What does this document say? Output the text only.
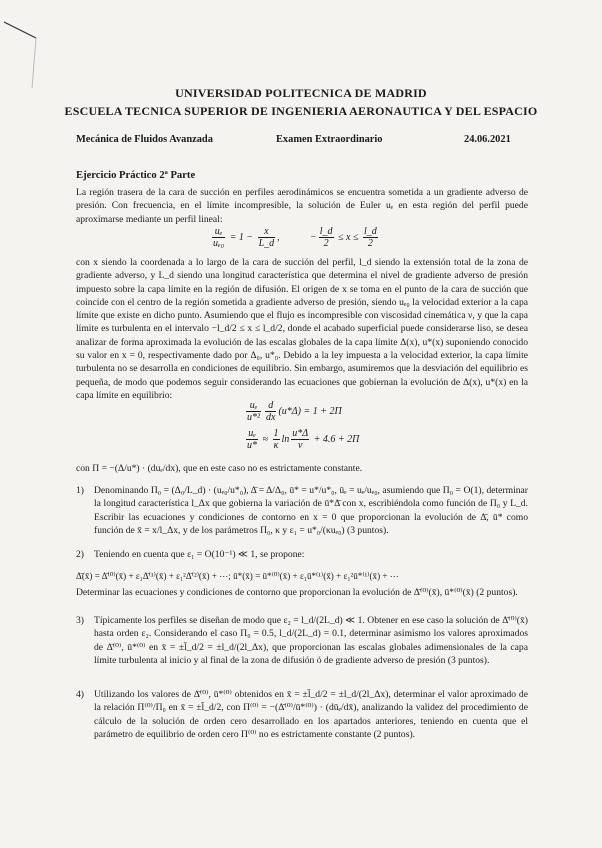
UNIVERSIDAD POLITECNICA DE MADRID
ESCUELA TECNICA SUPERIOR DE INGENIERIA AERONAUTICA Y DEL ESPACIO
Mecánica de Fluidos Avanzada	Examen Extraordinario	24.06.2021
Ejercicio Práctico 2ª Parte
La región trasera de la cara de succión en perfiles aerodinámicos se encuentra sometida a un gradiente adverso de presión. Con frecuencia, en el límite incompresible, la solución de Euler uₑ en esta región del perfil puede aproximarse mediante un perfil lineal:
$\frac{\text{uₑ}}{\text{uₑ₀}} = 1 - \frac{x}{L\_d}$ ,	− $\frac{l\_d}{2} \le x \le \frac{l\_d}{2}$
con x siendo la coordenada a lo largo de la cara de succión del perfil, l_d siendo la extensión total de la zona de gradiente adverso, y L_d siendo una longitud característica que determina el nivel de gradiente adverso de presión impuesto sobre la capa límite en la región de difusión. El origen de x se toma en el punto de la cara de succión que coincide con el centro de la región sometida a gradiente adverso de presión, siendo uₑ₀ la velocidad exterior a la capa límite que existe en dicho punto. Asumiendo que el flujo es incompresible con viscosidad cinemática ν, y que la capa límite es turbulenta en el intervalo −l_d/2 ≤ x ≤ l_d/2, donde el acabado superficial puede considerarse liso, se desea analizar de forma aproximada la evolución de las escalas globales de la capa límite Δ(x), u*(x) suponiendo conocido su valor en x = 0, respectivamente dado por Δ₀, u*₀. Debido a la ley impuesta a la velocidad exterior, la capa límite turbulenta no se desarrolla en condiciones de equilibrio. Sin embargo, asumiremos que la desviación del equilibrio es pequeña, de modo que podemos seguir considerando las ecuaciones que gobiernan la evolución de Δ(x), u*(x) en la capa límite en equilibrio:
$\frac{\text{uₑ}}{\text{u*²}} \frac{d}{dx} (u*\Delta) = 1 + 2\Pi$
$\frac{\text{uₑ}}{u*} \approx \frac{1}{\kappa}$ $\ln \frac{u*\Delta}{\nu} + 4.6 + 2\Pi$
con Π = −(Δ/u*) · (duₑ/dx), que en este caso no es estrictamente constante.
1) Denominando Π₀ = (Δ₀/L_d) · (uₑ₀/u*₀), Δ̄ = Δ/Δ₀, ū* = u*/u*₀, ūₑ = uₑ/uₑ₀, asumiendo que Π₀ = O(1), determinar la longitud característica l_Δx que gobierna la variación de ū*Δ̄ con x, escribiéndola como función de Π₀ y L_d. Escribir las ecuaciones y condiciones de contorno en x = 0 que proporcionan la evolución de Δ̄, ū* como función de x̄ = x/l_Δx, y de los parámetros Π₀, κ y ε₁ = u*₀/(κuₑ₀) (3 puntos).
2) Teniendo en cuenta que ε₁ = O(10⁻¹) ≪ 1, se propone:
Δ̄(x̄) = Δ̄⁽⁰⁾(x̄) + ε₁Δ̄⁽¹⁾(x̄) + ε₁²Δ̄⁽²⁾(x̄) + ⋯; ū*(x̄) = ū*⁽⁰⁾(x̄) + ε₁ū*⁽¹⁾(x̄) + ε₁²ū*⁽¹⁾(x̄) + ⋯
Determinar las ecuaciones y condiciones de contorno que proporcionan la evolución de Δ̄⁽⁰⁾(x̄), ū*⁽⁰⁾(x̄) (2 puntos).
3) Típicamente los perfiles se diseñan de modo que ε₂ = l_d/(2L_d) ≪ 1. Obtener en ese caso la solución de Δ̄⁽⁰⁾(x̄) hasta orden ε₂. Considerando el caso Π₀ = 0.5, l_d/(2L_d) = 0.1, determinar asimismo los valores aproximados de Δ̄⁽⁰⁾, ū*⁽⁰⁾ en x̄ = ±l̄_d/2 = ±l_d/(2l_Δx), que proporcionan las escalas globales adimensionales de la capa límite turbulenta al inicio y al final de la zona de difusión ó de gradiente adverso de presión (3 puntos).
4) Utilizando los valores de Δ̄⁽⁰⁾, ū*⁽⁰⁾ obtenidos en x̄ = ±l̄_d/2 = ±l_d/(2l_Δx), determinar el valor aproximado de la relación Π⁽⁰⁾/Π₀ en x̄ = ±l̄_d/2, con Π⁽⁰⁾ = −(Δ̄⁽⁰⁾/ū*⁽⁰⁾) · (dūₑ/dx̄), analizando la validez del procedimiento de cálculo de la solución de orden cero desarrollado en los apartados anteriores, teniendo en cuenta que el parámetro de equilibrio de orden cero Π⁽⁰⁾ no es estrictamente constante (2 puntos).
